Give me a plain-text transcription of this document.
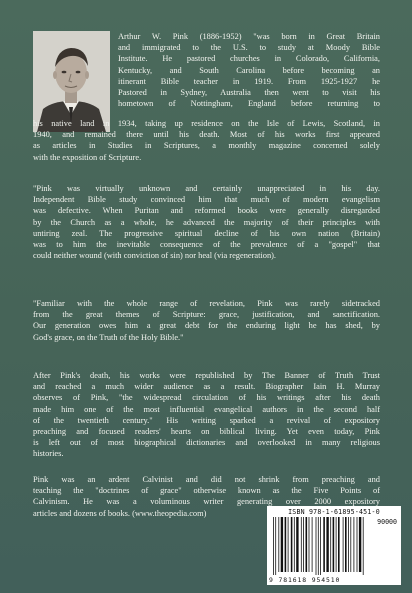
Arthur W. Pink (1886-1952) "was born in Great Britain
and immigrated to the U.S. to study at Moody Bible
Institute. He pastored churches in Colorado, California,
Kentucky, and South Carolina before becoming an
itinerant Bible teacher in 1919. From 1925-1927 he
Pastored in Sydney, Australia then went to visit his
hometown of Nottingham, England before returning to
his native land in 1934, taking up residence on the Isle of Lewis, Scotland, in
1940, and remained there until his death. Most of his works first appeared
as articles in Studies in Scriptures, a monthly magazine concerned solely
with the exposition of Scripture.
"Pink was virtually unknown and certainly unappreciated in his day.
Independent Bible study convinced him that much of modern evangelism
was defective. When Puritan and reformed books were generally disregarded
by the Church as a whole, he advanced the majority of their principles with
untiring zeal. The progressive spiritual decline of his own nation (Britain)
was to him the inevitable consequence of the prevalence of a "gospel" that
could neither wound (with conviction of sin) nor heal (via regeneration).
"Familiar with the whole range of revelation, Pink was rarely sidetracked
from the great themes of Scripture: grace, justification, and sanctification.
Our generation owes him a great debt for the enduring light he has shed, by
God's grace, on the Truth of the Holy Bible."
After Pink's death, his works were republished by The Banner of Truth Trust
and reached a much wider audience as a result. Biographer Iain H. Murray
observes of Pink, "the widespread circulation of his writings after his death
made him one of the most influential evangelical authors in the second half
of the twentieth century." His writing sparked a revival of expository
preaching and focused readers' hearts on biblical living. Yet even today, Pink
is left out of most biographical dictionaries and overlooked in many religious
histories.
Pink was an ardent Calvinist and did not shrink from preaching and
teaching the "doctrines of grace" otherwise known as the Five Points of
Calvinism. He was a voluminous writer generating over 2000 expository
articles and dozens of books. (www.theopedia.com)	ISBN 978-1-61895-451-0
90000
9 781618 954510
